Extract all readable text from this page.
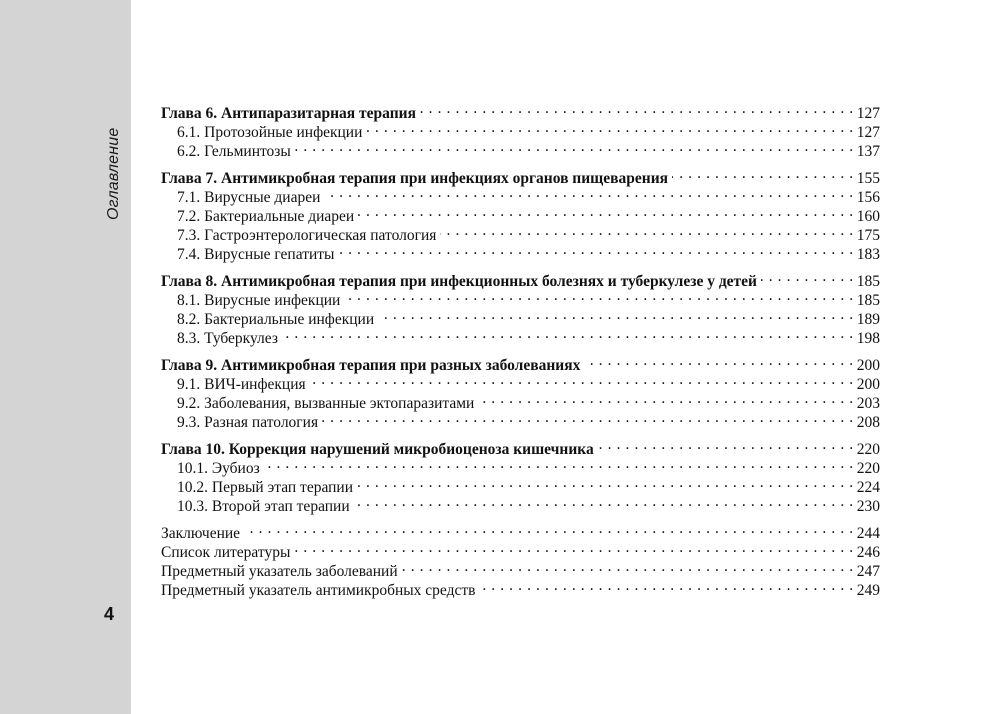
Оглавление
4
Глава 6. Антипаразитарная терапия . . .	127
6.1. Протозойные инфекции . . .	127
6.2. Гельминтозы . . .	137
Глава 7. Антимикробная терапия при инфекциях органов пищеварения . . .	155
7.1. Вирусные диареи . . .	156
7.2. Бактериальные диареи . . .	160
7.3. Гастроэнтерологическая патология . . .	175
7.4. Вирусные гепатиты . . .	183
Глава 8. Антимикробная терапия при инфекционных болезнях и туберкулезе у детей . . .	185
8.1. Вирусные инфекции . . .	185
8.2. Бактериальные инфекции . . .	189
8.3. Туберкулез . . .	198
Глава 9. Антимикробная терапия при разных заболеваниях . . .	200
9.1. ВИЧ-инфекция . . .	200
9.2. Заболевания, вызванные эктопаразитами . . .	203
9.3. Разная патология . . .	208
Глава 10. Коррекция нарушений микробиоценоза кишечника . . .	220
10.1. Эубиоз . . .	220
10.2. Первый этап терапии . . .	224
10.3. Второй этап терапии . . .	230
Заключение . . .	244
Список литературы . . .	246
Предметный указатель заболеваний . . .	247
Предметный указатель антимикробных средств . . .	249
